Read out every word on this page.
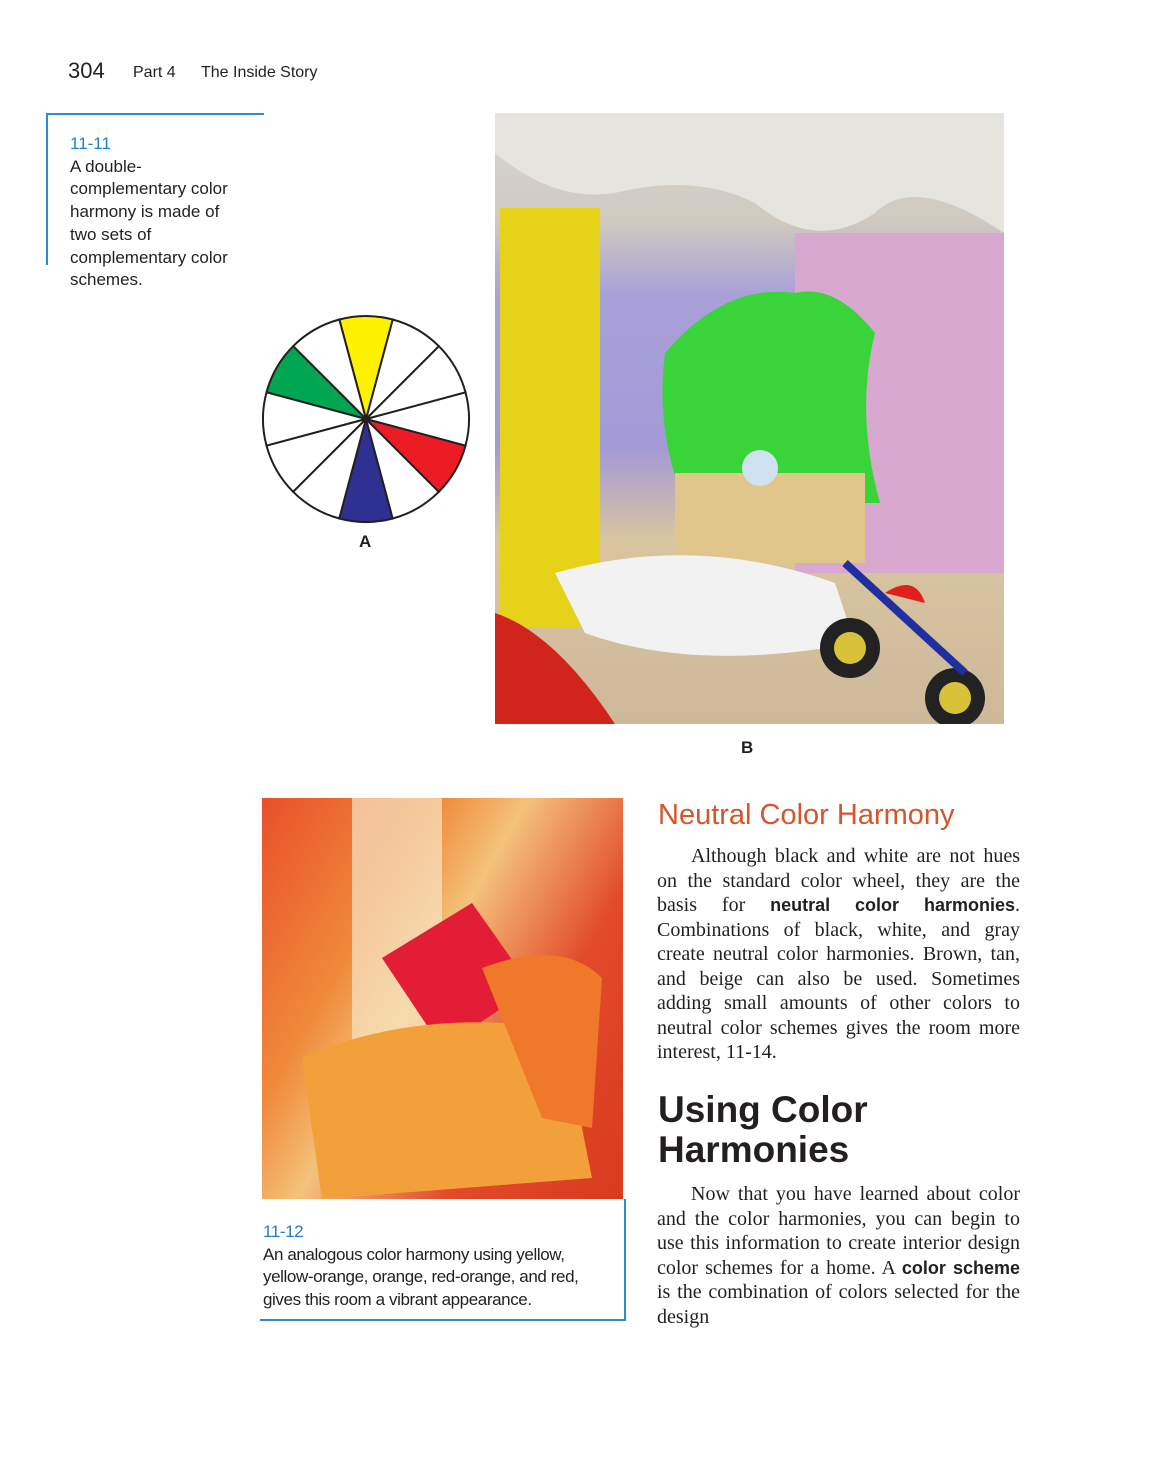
304 Part 4 The Inside Story
11-11
A double-complementary color harmony is made of two sets of complementary color schemes.
A
B
11-12
An analogous color harmony using yellow, yellow-orange, orange, red-orange, and red, gives this room a vibrant appearance.
Neutral Color Harmony

Although black and white are not hues on the standard color wheel, they are the basis for neutral color harmonies. Combinations of black, white, and gray create neutral color harmonies. Brown, tan, and beige can also be used. Sometimes adding small amounts of other colors to neutral color schemes gives the room more interest, 11-14.

Using Color Harmonies

Now that you have learned about color and the color harmonies, you can begin to use this information to create interior design color schemes for a home. A color scheme is the combination of colors selected for the design
